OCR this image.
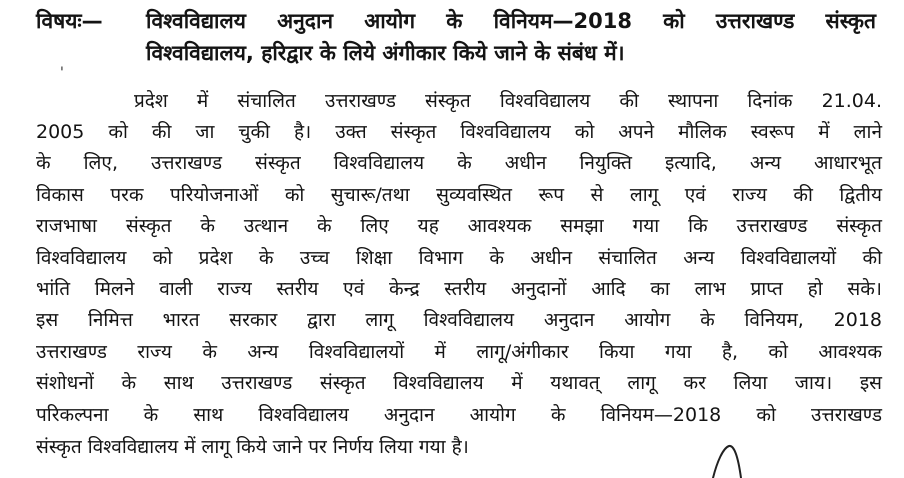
विषयः— विश्वविद्यालय अनुदान आयोग के विनियम—2018 को उत्तराखण्ड संस्कृत
विश्वविद्यालय, हरिद्वार के लिये अंगीकार किये जाने के संबंध में।
'
प्रदेश में संचालित उत्तराखण्ड संस्कृत विश्वविद्यालय की स्थापना दिनांक 21.04.
2005 को की जा चुकी है। उक्त संस्कृत विश्वविद्यालय को अपने मौलिक स्वरूप में लाने
के लिए, उत्तराखण्ड संस्कृत विश्वविद्यालय के अधीन नियुक्ति इत्यादि, अन्य आधारभूत
विकास परक परियोजनाओं को सुचारू/तथा सुव्यवस्थित रूप से लागू एवं राज्य की द्वितीय
राजभाषा संस्कृत के उत्थान के लिए यह आवश्यक समझा गया कि उत्तराखण्ड संस्कृत
विश्वविद्यालय को प्रदेश के उच्च शिक्षा विभाग के अधीन संचालित अन्य विश्वविद्यालयों की
भांति मिलने वाली राज्य स्तरीय एवं केन्द्र स्तरीय अनुदानों आदि का लाभ प्राप्त हो सके।
इस निमित्त भारत सरकार द्वारा लागू विश्वविद्यालय अनुदान आयोग के विनियम, 2018
उत्तराखण्ड राज्य के अन्य विश्वविद्यालयों में लागू/अंगीकार किया गया है, को आवश्यक
संशोधनों के साथ उत्तराखण्ड संस्कृत विश्वविद्यालय में यथावत् लागू कर लिया जाय। इस
परिकल्पना के साथ विश्वविद्यालय अनुदान आयोग के विनियम—2018 को उत्तराखण्ड
संस्कृत विश्वविद्यालय में लागू किये जाने पर निर्णय लिया गया है।
